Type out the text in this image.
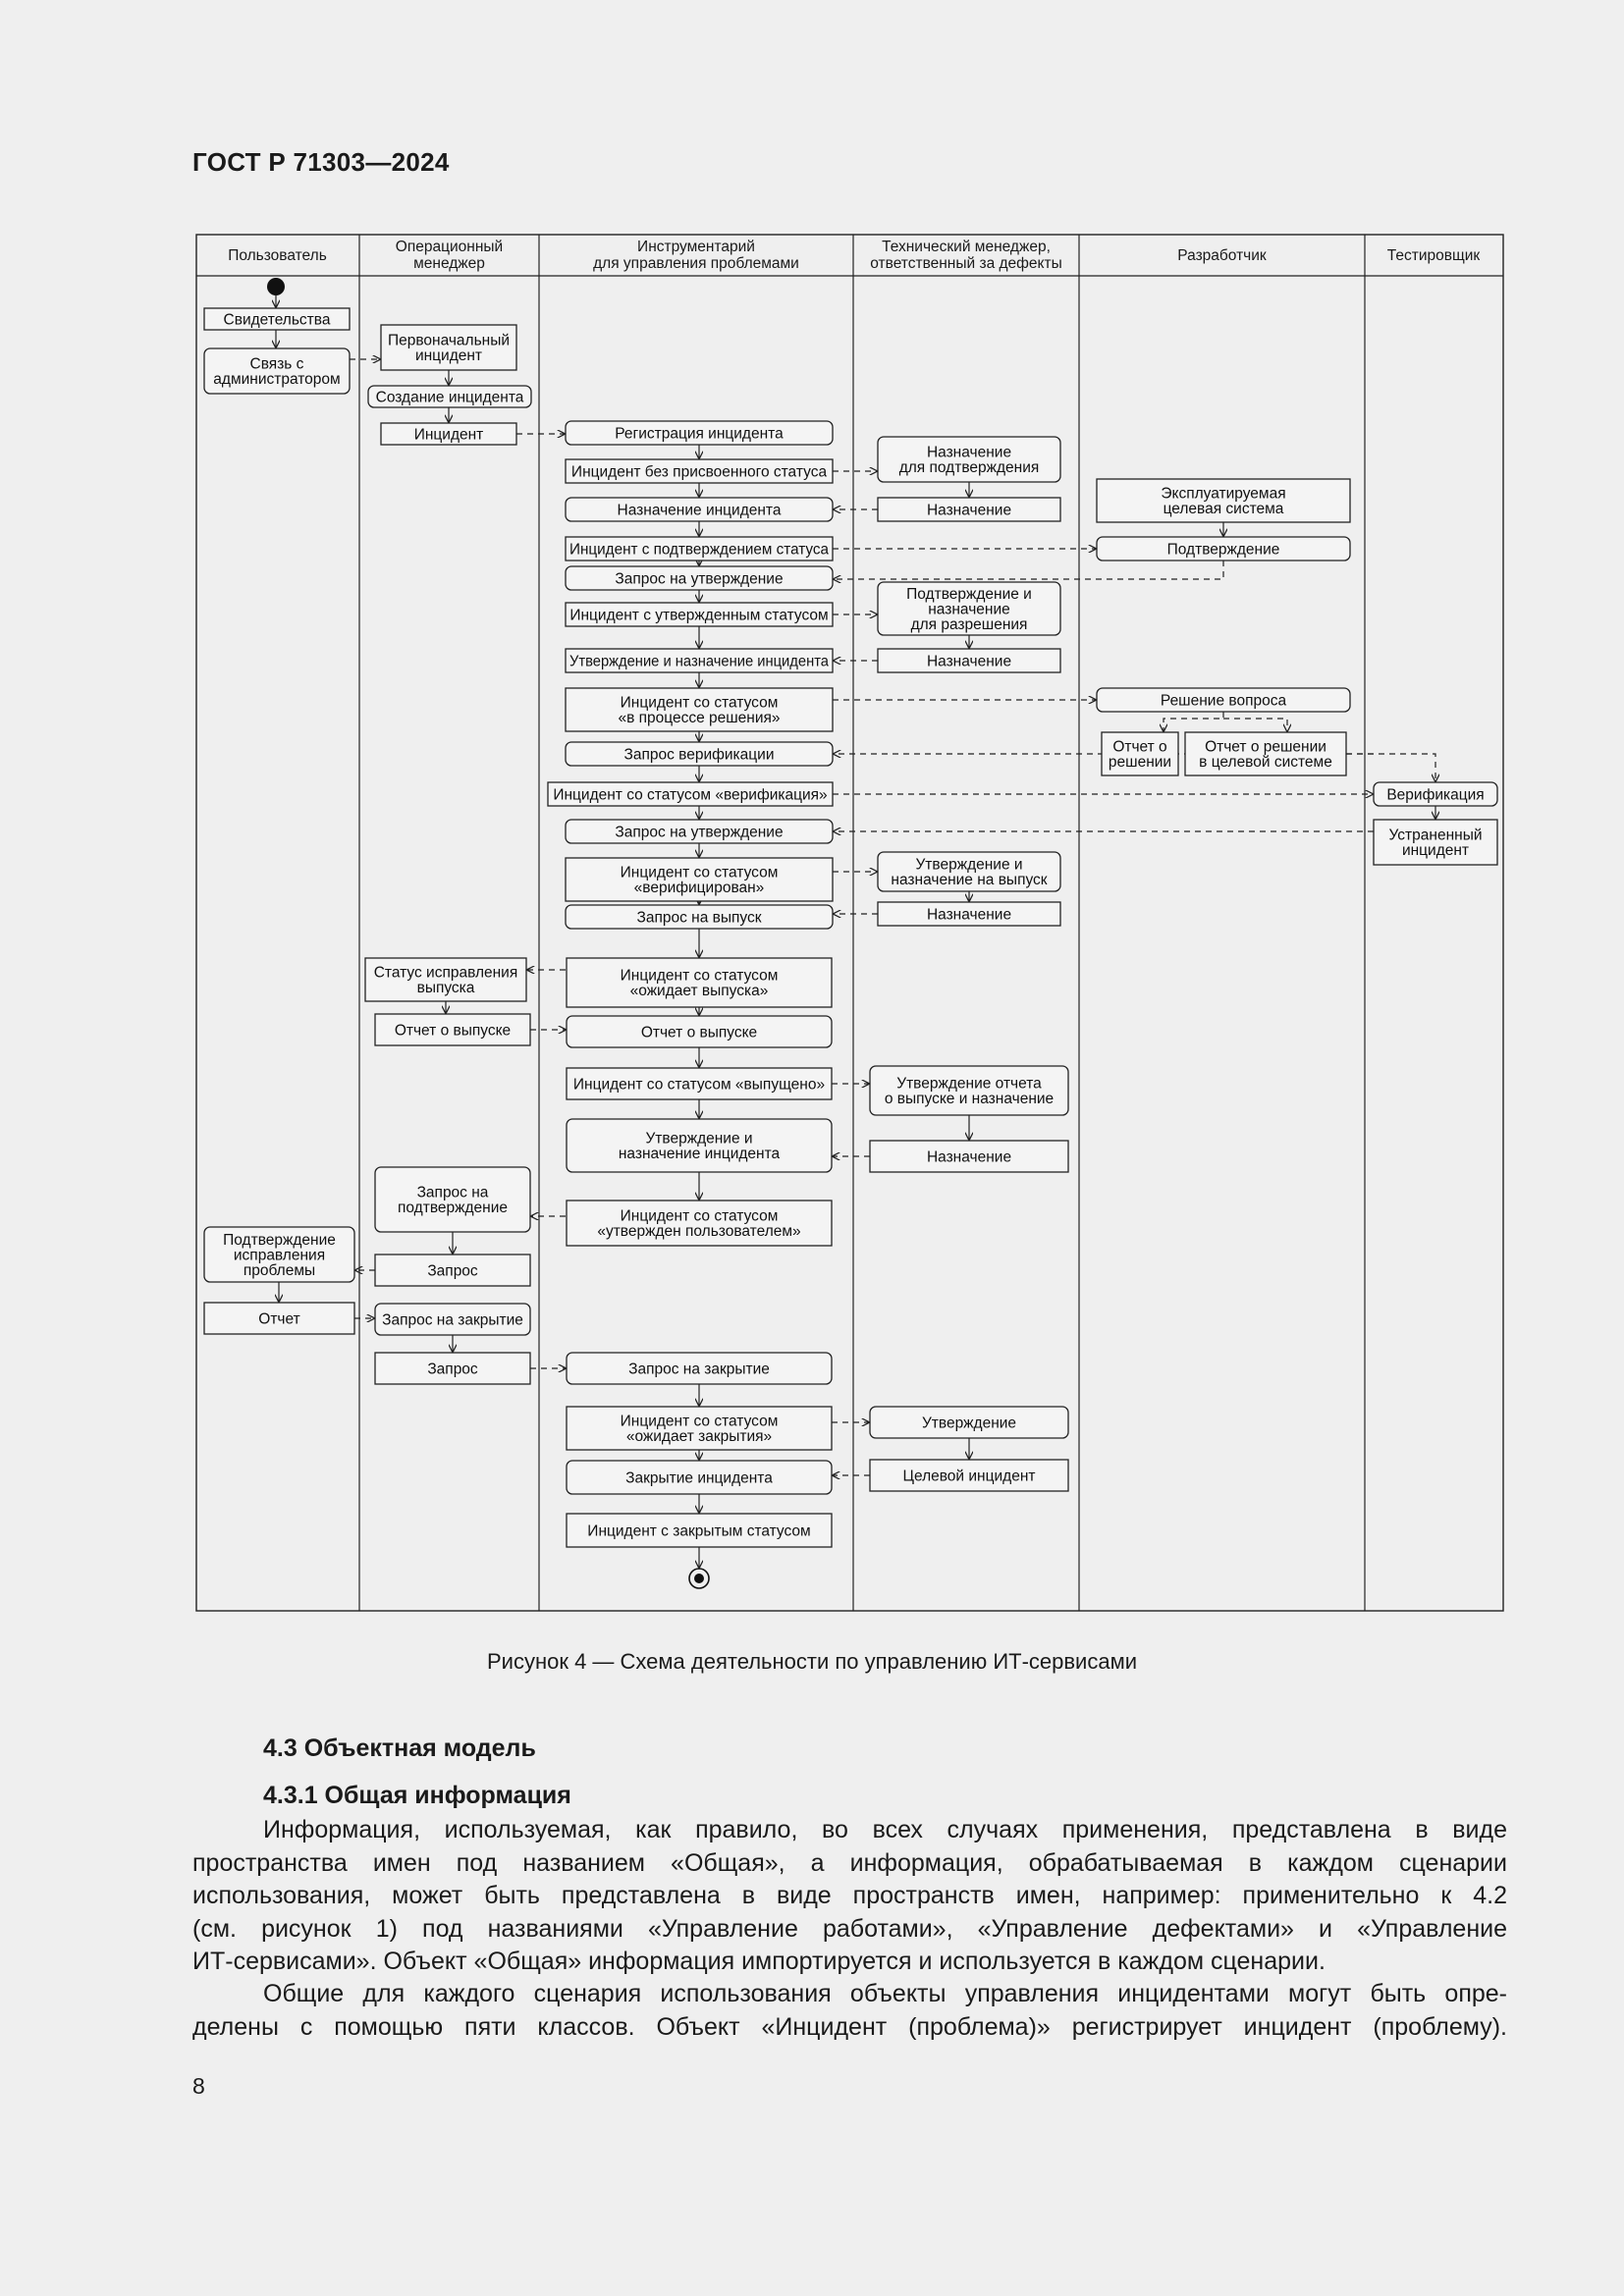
ГОСТ Р 71303—2024
Пользователь
Операционный менеджер
Инструментарий для управления проблемами
Технический менеджер, ответственный за дефекты	Разработчик	Тестировщик
Свидетельства
Связь с администратором
Первоначальный инцидент
Создание инцидента
Инцидент	Регистрация инцидента
Инцидент без присвоенного статуса
Назначение для подтверждения
Назначение инцидента	Назначение
Эксплуатируемая целевая система
Инцидент с подтверждением статуса	Подтверждение
Запрос на утверждение
Инцидент с утвержденным статусом
Подтверждение и назначение для разрешения
Утверждение и назначение инцидента	Назначение
Инцидент со статусом «в процессе решения»
Решение вопроса
Отчет о решении
Отчет о решении в целевой системе
Запрос верификации
Инцидент со статусом «верификация»	Верификация
Запрос на утверждение	Устраненный инцидент
Инцидент со статусом «верифицирован»
Утверждение и назначение на выпуск
Запрос на выпуск	Назначение
Статус исправления выпуска
Инцидент со статусом «ожидает выпуска»
Отчет о выпуске	Отчет о выпуске
Инцидент со статусом «выпущено»	Утверждение отчета о выпуске и назначение
Утверждение и назначение инцидента	Назначение
Запрос на подтверждение	Инцидент со статусом «утвержден пользователем»
Подтверждение исправления проблемы	Запрос
Отчет	Запрос на закрытие
Запрос	Запрос на закрытие
Инцидент со статусом «ожидает закрытия»
Утверждение
Закрытие инцидента	Целевой инцидент
Инцидент с закрытым статусом
Рисунок 4 — Схема деятельности по управлению ИТ-сервисами
4.3 Объектная модель
4.3.1 Общая информация
Информация, используемая, как правило, во всех случаях применения, представлена в виде
пространства имен под названием «Общая», а информация, обрабатываемая в каждом сценарии
использования, может быть представлена в виде пространств имен, например: применительно к 4.2
(см. рисунок 1) под названиями «Управление работами», «Управление дефектами» и «Управление
ИТ-сервисами». Объект «Общая» информация импортируется и используется в каждом сценарии.
Общие для каждого сценария использования объекты управления инцидентами могут быть опре-
делены с помощью пяти классов. Объект «Инцидент (проблема)» регистрирует инцидент (проблему).
8
